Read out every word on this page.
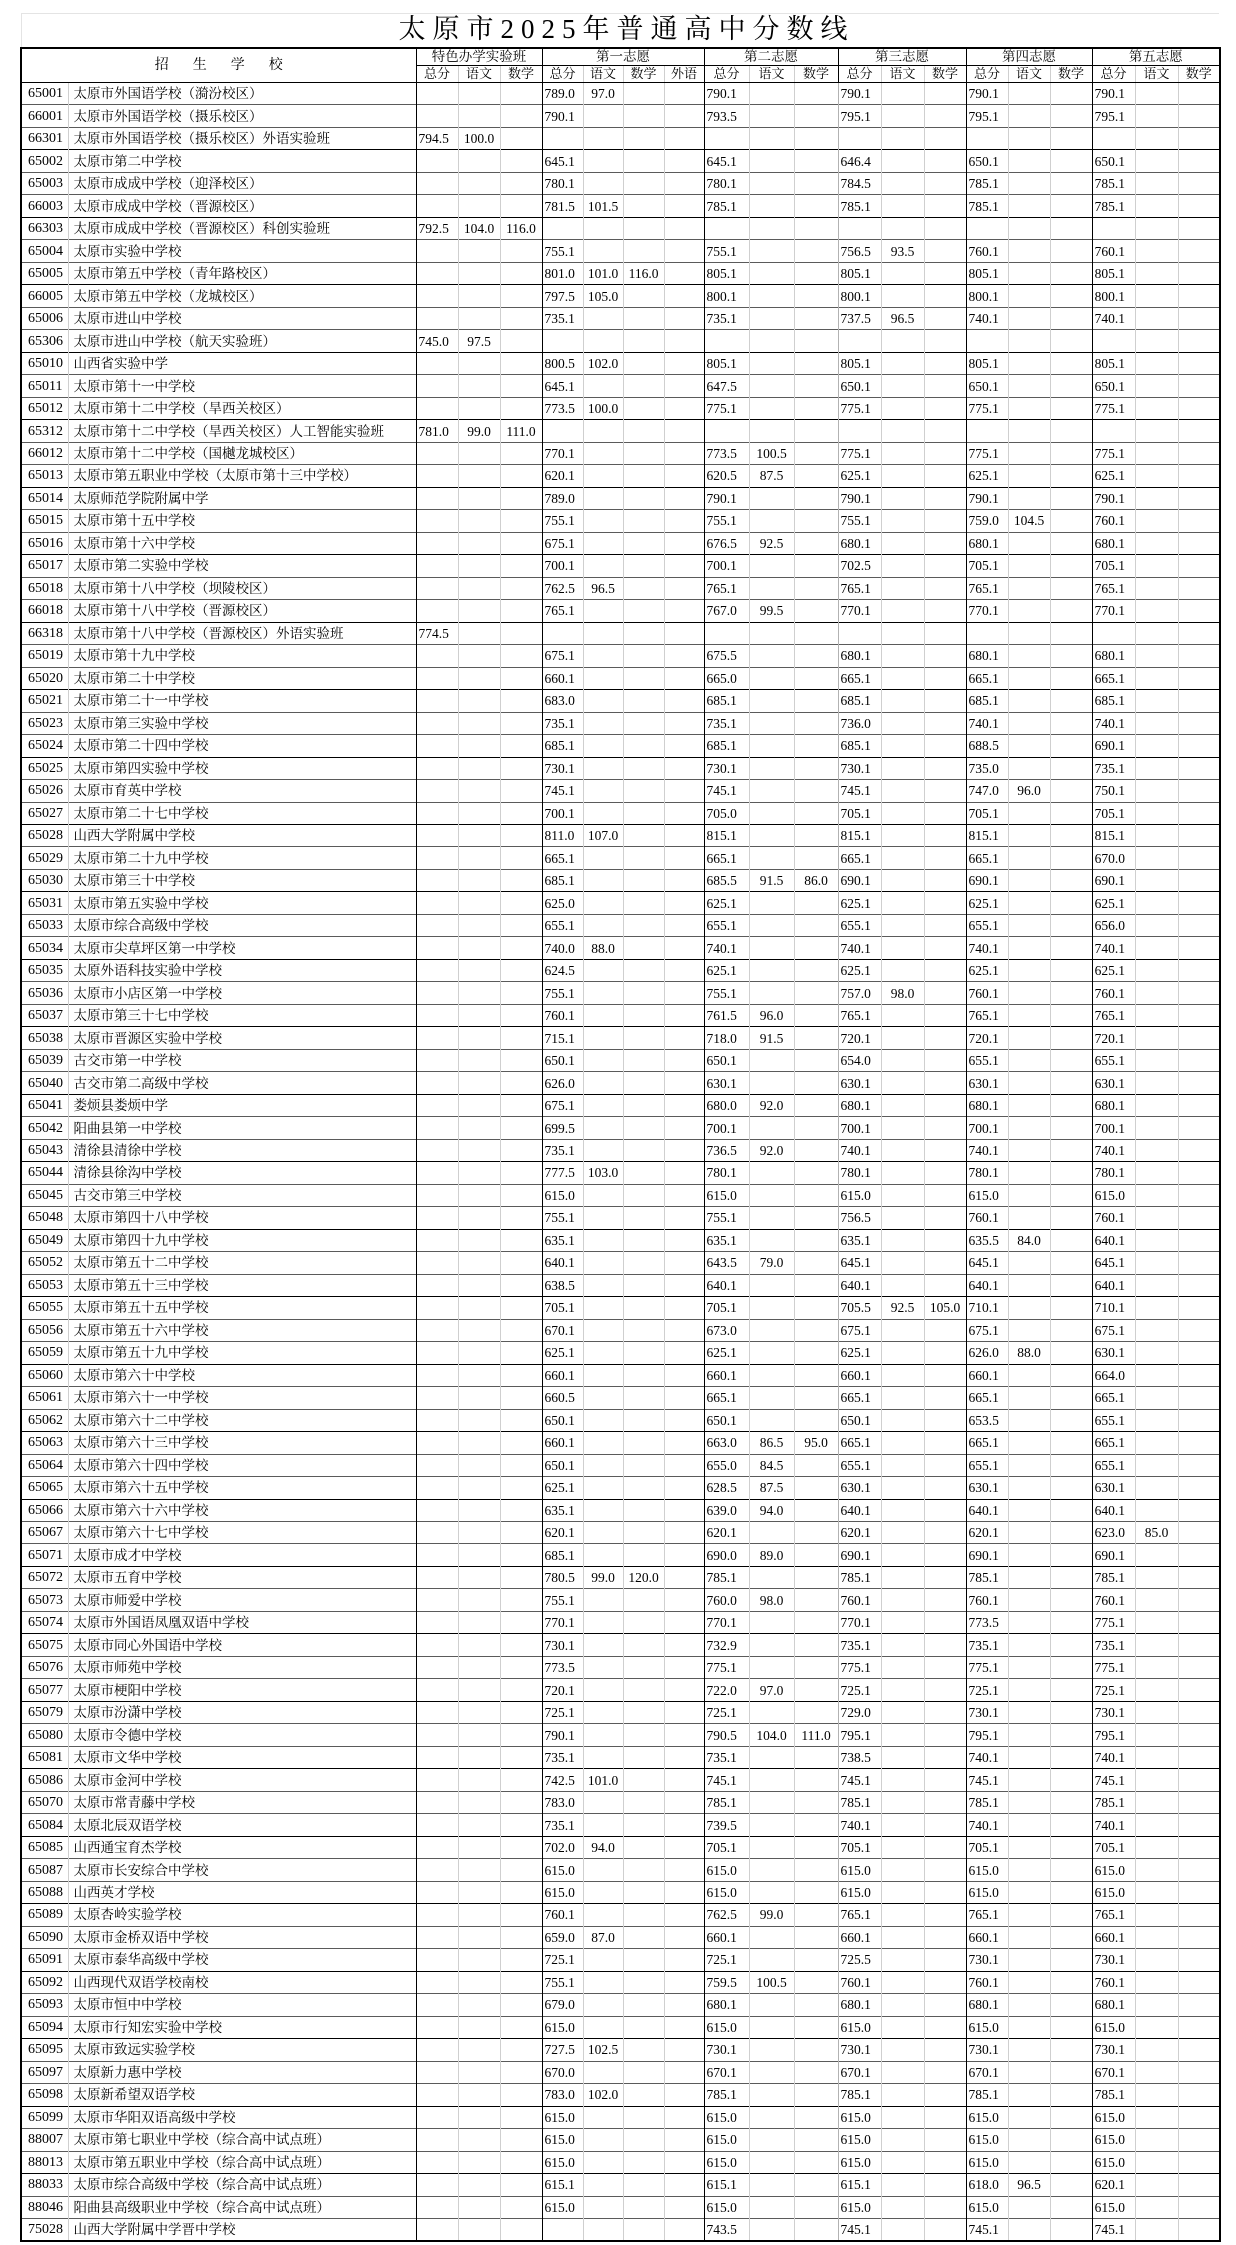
太原市2025年普通高中分数线
招生学校		特色办学实验班			第一志愿				第二志愿			第三志愿			第四志愿			第五志愿		
		总分	语文	数学	总分	语文	数学	外语	总分	语文	数学	总分	语文	数学	总分	语文	数学	总分	语文	数学
65001	太原市外国语学校（漪汾校区）				789.0	97.0			790.1			790.1			790.1			790.1		
66001	太原市外国语学校（摄乐校区）				790.1				793.5			795.1			795.1			795.1		
66301	太原市外国语学校（摄乐校区）外语实验班	794.5	100.0																	
65002	太原市第二中学校				645.1				645.1			646.4			650.1			650.1		
65003	太原市成成中学校（迎泽校区）				780.1				780.1			784.5			785.1			785.1		
66003	太原市成成中学校（晋源校区）				781.5	101.5			785.1			785.1			785.1			785.1		
66303	太原市成成中学校（晋源校区）科创实验班	792.5	104.0	116.0																
65004	太原市实验中学校				755.1				755.1			756.5	93.5		760.1			760.1		
65005	太原市第五中学校（青年路校区）				801.0	101.0	116.0		805.1			805.1			805.1			805.1		
66005	太原市第五中学校（龙城校区）				797.5	105.0			800.1			800.1			800.1			800.1		
65006	太原市进山中学校				735.1				735.1			737.5	96.5		740.1			740.1		
65306	太原市进山中学校（航天实验班）	745.0	97.5																	
65010	山西省实验中学				800.5	102.0			805.1			805.1			805.1			805.1		
65011	太原市第十一中学校				645.1				647.5			650.1			650.1			650.1		
65012	太原市第十二中学校（旱西关校区）				773.5	100.0			775.1			775.1			775.1			775.1		
65312	太原市第十二中学校（旱西关校区）人工智能实验班	781.0	99.0	111.0																
66012	太原市第十二中学校（国樾龙城校区）				770.1				773.5	100.5		775.1			775.1			775.1		
65013	太原市第五职业中学校（太原市第十三中学校）				620.1				620.5	87.5		625.1			625.1			625.1		
65014	太原师范学院附属中学				789.0				790.1			790.1			790.1			790.1		
65015	太原市第十五中学校				755.1				755.1			755.1			759.0	104.5		760.1		
65016	太原市第十六中学校				675.1				676.5	92.5		680.1			680.1			680.1		
65017	太原市第二实验中学校				700.1				700.1			702.5			705.1			705.1		
65018	太原市第十八中学校（坝陵校区）				762.5	96.5			765.1			765.1			765.1			765.1		
66018	太原市第十八中学校（晋源校区）				765.1				767.0	99.5		770.1			770.1			770.1		
66318	太原市第十八中学校（晋源校区）外语实验班	774.5																		
65019	太原市第十九中学校				675.1				675.5			680.1			680.1			680.1		
65020	太原市第二十中学校				660.1				665.0			665.1			665.1			665.1		
65021	太原市第二十一中学校				683.0				685.1			685.1			685.1			685.1		
65023	太原市第三实验中学校				735.1				735.1			736.0			740.1			740.1		
65024	太原市第二十四中学校				685.1				685.1			685.1			688.5			690.1		
65025	太原市第四实验中学校				730.1				730.1			730.1			735.0			735.1		
65026	太原市育英中学校				745.1				745.1			745.1			747.0	96.0		750.1		
65027	太原市第二十七中学校				700.1				705.0			705.1			705.1			705.1		
65028	山西大学附属中学校				811.0	107.0			815.1			815.1			815.1			815.1		
65029	太原市第二十九中学校				665.1				665.1			665.1			665.1			670.0		
65030	太原市第三十中学校				685.1				685.5	91.5	86.0	690.1			690.1			690.1		
65031	太原市第五实验中学校				625.0				625.1			625.1			625.1			625.1		
65033	太原市综合高级中学校				655.1				655.1			655.1			655.1			656.0		
65034	太原市尖草坪区第一中学校				740.0	88.0			740.1			740.1			740.1			740.1		
65035	太原外语科技实验中学校				624.5				625.1			625.1			625.1			625.1		
65036	太原市小店区第一中学校				755.1				755.1			757.0	98.0		760.1			760.1		
65037	太原市第三十七中学校				760.1				761.5	96.0		765.1			765.1			765.1		
65038	太原市晋源区实验中学校				715.1				718.0	91.5		720.1			720.1			720.1		
65039	古交市第一中学校				650.1				650.1			654.0			655.1			655.1		
65040	古交市第二高级中学校				626.0				630.1			630.1			630.1			630.1		
65041	娄烦县娄烦中学				675.1				680.0	92.0		680.1			680.1			680.1		
65042	阳曲县第一中学校				699.5				700.1			700.1			700.1			700.1		
65043	清徐县清徐中学校				735.1				736.5	92.0		740.1			740.1			740.1		
65044	清徐县徐沟中学校				777.5	103.0			780.1			780.1			780.1			780.1		
65045	古交市第三中学校				615.0				615.0			615.0			615.0			615.0		
65048	太原市第四十八中学校				755.1				755.1			756.5			760.1			760.1		
65049	太原市第四十九中学校				635.1				635.1			635.1			635.5	84.0		640.1		
65052	太原市第五十二中学校				640.1				643.5	79.0		645.1			645.1			645.1		
65053	太原市第五十三中学校				638.5				640.1			640.1			640.1			640.1		
65055	太原市第五十五中学校				705.1				705.1			705.5	92.5	105.0	710.1			710.1		
65056	太原市第五十六中学校				670.1				673.0			675.1			675.1			675.1		
65059	太原市第五十九中学校				625.1				625.1			625.1			626.0	88.0		630.1		
65060	太原市第六十中学校				660.1				660.1			660.1			660.1			664.0		
65061	太原市第六十一中学校				660.5				665.1			665.1			665.1			665.1		
65062	太原市第六十二中学校				650.1				650.1			650.1			653.5			655.1		
65063	太原市第六十三中学校				660.1				663.0	86.5	95.0	665.1			665.1			665.1		
65064	太原市第六十四中学校				650.1				655.0	84.5		655.1			655.1			655.1		
65065	太原市第六十五中学校				625.1				628.5	87.5		630.1			630.1			630.1		
65066	太原市第六十六中学校				635.1				639.0	94.0		640.1			640.1			640.1		
65067	太原市第六十七中学校				620.1				620.1			620.1			620.1			623.0	85.0	
65071	太原市成才中学校				685.1				690.0	89.0		690.1			690.1			690.1		
65072	太原市五育中学校				780.5	99.0	120.0		785.1			785.1			785.1			785.1		
65073	太原市师爱中学校				755.1				760.0	98.0		760.1			760.1			760.1		
65074	太原市外国语凤凰双语中学校				770.1				770.1			770.1			773.5			775.1		
65075	太原市同心外国语中学校				730.1				732.9			735.1			735.1			735.1		
65076	太原市师苑中学校				773.5				775.1			775.1			775.1			775.1		
65077	太原市梗阳中学校				720.1				722.0	97.0		725.1			725.1			725.1		
65079	太原市汾潇中学校				725.1				725.1			729.0			730.1			730.1		
65080	太原市令德中学校				790.1				790.5	104.0	111.0	795.1			795.1			795.1		
65081	太原市文华中学校				735.1				735.1			738.5			740.1			740.1		
65086	太原市金河中学校				742.5	101.0			745.1			745.1			745.1			745.1		
65070	太原市常青藤中学校				783.0				785.1			785.1			785.1			785.1		
65084	太原北辰双语学校				735.1				739.5			740.1			740.1			740.1		
65085	山西通宝育杰学校				702.0	94.0			705.1			705.1			705.1			705.1		
65087	太原市长安综合中学校				615.0				615.0			615.0			615.0			615.0		
65088	山西英才学校				615.0				615.0			615.0			615.0			615.0		
65089	太原杏岭实验学校				760.1				762.5	99.0		765.1			765.1			765.1		
65090	太原市金桥双语中学校				659.0	87.0			660.1			660.1			660.1			660.1		
65091	太原市泰华高级中学校				725.1				725.1			725.5			730.1			730.1		
65092	山西现代双语学校南校				755.1				759.5	100.5		760.1			760.1			760.1		
65093	太原市恒中中学校				679.0				680.1			680.1			680.1			680.1		
65094	太原市行知宏实验中学校				615.0				615.0			615.0			615.0			615.0		
65095	太原市致远实验学校				727.5	102.5			730.1			730.1			730.1			730.1		
65097	太原新力惠中学校				670.0				670.1			670.1			670.1			670.1		
65098	太原新希望双语学校				783.0	102.0			785.1			785.1			785.1			785.1		
65099	太原市华阳双语高级中学校				615.0				615.0			615.0			615.0			615.0		
88007	太原市第七职业中学校（综合高中试点班）				615.0				615.0			615.0			615.0			615.0		
88013	太原市第五职业中学校（综合高中试点班）				615.0				615.0			615.0			615.0			615.0		
88033	太原市综合高级中学校（综合高中试点班）				615.1				615.1			615.1			618.0	96.5		620.1		
88046	阳曲县高级职业中学校（综合高中试点班）				615.0				615.0			615.0			615.0			615.0		
75028	山西大学附属中学晋中学校								743.5			745.1			745.1			745.1		
